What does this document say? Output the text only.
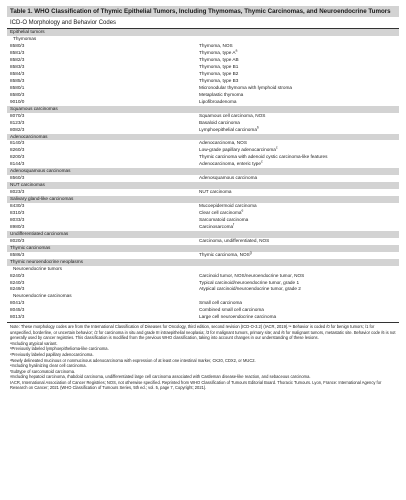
Table 1. WHO Classification of Thymic Epithelial Tumors, Including Thymomas, Thymic Carcinomas, and Neuroendocrine Tumors

ICD-O Morphology and Behavior Codes
Epithelial tumors	
Thymomas	
8580/3	Thymoma, NOS
8581/3	Thymoma, type $A^a$
8582/3	Thymoma, type AB
8583/3	Thymoma, type B1
8584/3	Thymoma, type B2
8585/3	Thymoma, type B3
8580/1	Micronodular thymoma with lymphoid stroma
8580/3	Metaplastic thymoma
9010/0	Lipofibroadenoma
Squamous carcinomas	
8070/3	Squamous cell carcinoma, NOS
8123/3	Basaloid carcinoma
8082/3	Lymphoepithelial carcinoma$^b$
Adenocarcinomas	
8140/3	Adenocarcinoma, NOS
8260/3	Low-grade papillary adenocarcinoma$^c$
8200/3	Thymic carcinoma with adenoid cystic carcinoma-like features
8144/3	Adenocarcinoma, enteric type$^c$
Adenosquamous carcinomas	
8560/3	Adenosquamous carcinoma
NUT carcinomas	
8023/3	NUT carcinoma
Salivary gland-like carcinomas	
8430/3	Mucoepidermoid carcinoma
8310/3	Clear cell carcinoma$^e$
8033/3	Sarcomatoid carcinoma
8980/3	Carcinosarcoma$^f$
Undifferentiated carcinomas	
8020/3	Carcinoma, undifferentiated, NOS
Thymic carcinomas	
8586/3	Thymic carcinoma, NOS$^g$
Thymic neuroendocrine neoplasms	
Neuroendocrine tumors	
8240/3	Carcinoid tumor, NOS/neuroendocrine tumor, NOS
8240/3	Typical carcinoid/neuroendocrine tumor, grade 1
8249/3	Atypical carcinoid/neuroendocrine tumor, grade 2
Neuroendocrine carcinomas	
8041/3	Small cell carcinoma
8045/3	Combined small cell carcinoma
8013/3	Large cell neuroendocrine carcinoma

Note: These morphology codes are from the International Classification of Diseases for Oncology, third edition, second revision (ICD-O-3.2) (IACR, 2019).¹⁴ Behavior is coded /0 for benign tumors; /1 for unspecified, borderline, or uncertain behavior; /2 for carcinoma in situ and grade III intraepithelial neoplasia; /3 for malignant tumors, primary site; and /6 for malignant tumors, metastatic site. Behavior code /6 is not generally used by cancer registries. This classification is modified from the previous WHO classification, taking into account changes in our understanding of these lesions.

ᵃIncluding atypical variant.

ᵇPreviously labeled lymphoepithelioma-like carcinoma.

ᶜPreviously labeled papillary adenocarcinoma.

ᵈNewly delineated mucinous or nonmucinous adenocarcinoma with expression of at least one intestinal marker, CK20, CDX2, or MUC2.

ᵉIncluding hyalinizing clear cell carcinoma.

ᶠSubtype of sarcomatoid carcinoma.

ᵍIncluding hepatoid carcinoma, rhabdoid carcinoma, undifferentiated large cell carcinoma associated with Castleman disease-like reaction, and sebaceous carcinoma.

IACR, International Association of Cancer Registries; NOS, not otherwise specified. Reprinted from WHO Classification of Tumours Editorial Board. Thoracic Tumours. Lyon, France: International Agency for Research on Cancer; 2021 (WHO Classification of Tumours Series, 5th ed.; vol. 5, page 7, Copyright; 2021).
